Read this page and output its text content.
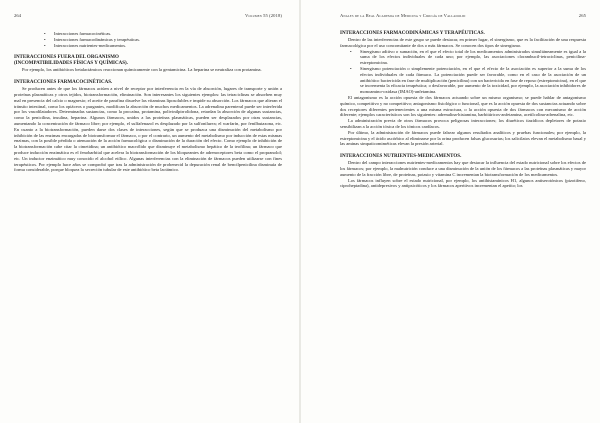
264	Volumen 55 (2018)
• Interacciones farmacocinéticas.
• Interacciones farmacodinámicas y terapéuticas.
• Interacciones nutrientes-medicamentos.
INTERACCIONES FUERA DEL ORGANISMO
(INCOMPATIBILIDADES FÍSICAS Y QUÍMICAS).

Por ejemplo, los antibióticos betalactámicos reaccionan químicamente con la gentamicina. La heparina se neutraliza con protamina.

INTERACCIONES FARMACOCINÉTICAS.

Se producen antes de que los fármacos actúen a nivel de receptor por interferencia en la vía de absorción, lugares de transporte y unión a proteínas plasmáticas y otros tejidos, biotransformación, eliminación. Son interesantes los siguientes ejemplos: las tetraciclinas se absorben muy mal en presencia del calcio o magnesio; el aceite de parafina disuelve las vitaminas liposolubles e impide su absorción. Los fármacos que alteran el tránsito intestinal, como los opiáceos o purgantes, modifican la absorción de muchos medicamentos. La adrenalina parenteral puede ser interferida por los vasodilatadores. Determinadas sustancias, como la procaína, protamina, polivinilpirrolidona, retardan la absorción de algunas sustancias, como la penicilina, insulina, heparina. Algunos fármacos, unidos a las proteínas plasmáticas, pueden ser desplazados por otras sustancias, aumentando la concentración de fármaco libre; por ejemplo, el sulfafenazol es desplazado por la sulfonilurea; el warfarín, por fenilbutazona, etc. En cuanto a la biotransformación, pueden darse dos clases de interacciones, según que se produzca una disminución del metabolismo por inhibición de las enzimas encargadas de biotransformar el fármaco, o por el contrario, un aumento del metabolismo por inducción de estas mismas enzimas, con la posible pérdida o atenuación de la acción farmacológica o disminución de la duración del efecto. Como ejemplo de inhibición de la biotransformación cabe citar la cimetidina; un antibiótico macrólido que disminuye el metabolismo hepático de la teofilina; un fármaco que produce inducción enzimática es el fenobarbital que acelera la biotransformación de los bloqueantes de adrenoceptores beta como el propranolol; etc. Un inductor enzimático muy conocido el alcohol etílico. Algunas interferencias con la eliminación de fármacos pueden utilizarse con fines terapéuticos. Por ejemplo hace años se comprobó que tras la administración de probenecid la depuración renal de bencilpenicilina disminuía de forma considerable, porque bloquea la secreción tubular de este antibiótico beta lactámico.

Anales de la Real Academia de Medicina y Cirugía de Valladolid	265
INTERACCIONES FARMACODINÁMICAS Y TERAPÉUTICAS.

Dentro de las interferencias de este grupo se puede destacar, en primer lugar, el sinergismo, que es la facilitación de una respuesta farmacológica por el uso concomitante de dos o más fármacos. Se conocen dos tipos de sinergismo.

• Sinergismo aditivo o sumación, en el que el efecto total de los medicamentos administrados simultáneamente es igual a la suma de los efectos individuales de cada uno; por ejemplo, las asociaciones clorambucil-tetraciclinas, penicilina-estreptomicina.
• Sinergismo potenciación o simplemente potenciación, en el que el efecto de la asociación es superior a la suma de los efectos individuales de cada fármaco. La potenciación puede ser favorable, como en el caso de la asociación de un antibiótico bactericida en fase de multiplicación (penicilina) con un bactericida en fase de reposo (estreptomicina), en el que se incrementa la eficacia terapéutica; o desfavorable, por aumento de la toxicidad, por ejemplo, la asociación inhibidores de monoamino-oxidasa (IMAO)-anfetamina.

El antagonismo es la acción opuesta de dos fármacos actuando sobre un mismo organismo; se puede hablar de antagonismo químico, competitivo y no competitivo; antagonismo fisiológico o funcional, que es la acción opuesta de dos sustancias actuando sobre dos receptores diferentes pertenecientes a una misma estructura, o la acción opuesta de dos fármacos con mecanismo de acción diferente; ejemplos característicos son los siguientes: adrenalina-histamina, barbitúricos-anfetamina, acetilcolina-adrenalina, etc.

La administración previa de otros fármacos provoca peligrosas interacciones; los diuréticos tiazídicos depletores de potasio sensibilizan a la acción tóxica de los tónicos cardíacos.

Por último, la administración de fármacos puede falsear algunos resultados analíticos y pruebas funcionales; por ejemplo, la estreptomicina y el ácido ascórbico al eliminarse por la orina producen falsas glucosurias; los salicilatos elevan el metabolismo basal y las aminas simpaticomiméticas elevan la presión arterial.

INTERACCIONES NUTRIENTES-MEDICAMENTOS.

Dentro del campo interacciones nutrientes-medicamentos hay que destacar la influencia del estado nutricional sobre los efectos de los fármacos; por ejemplo, la malnutrición conduce a una disminución de la unión de los fármacos a las proteínas plasmáticas y mayor aumento de la fracción libre, de proteínas, potasio y vitamina C incrementan la biotransformación de los medicamentos.

Los fármacos influyen sobre el estado nutricional, por ejemplo, los antihistamínicos H1, algunos antiserotónicos (pizotifeno, ciproheptadina), antidepresivos y antipsicóticos y los fármacos aperitivos incrementan el apetito; los
